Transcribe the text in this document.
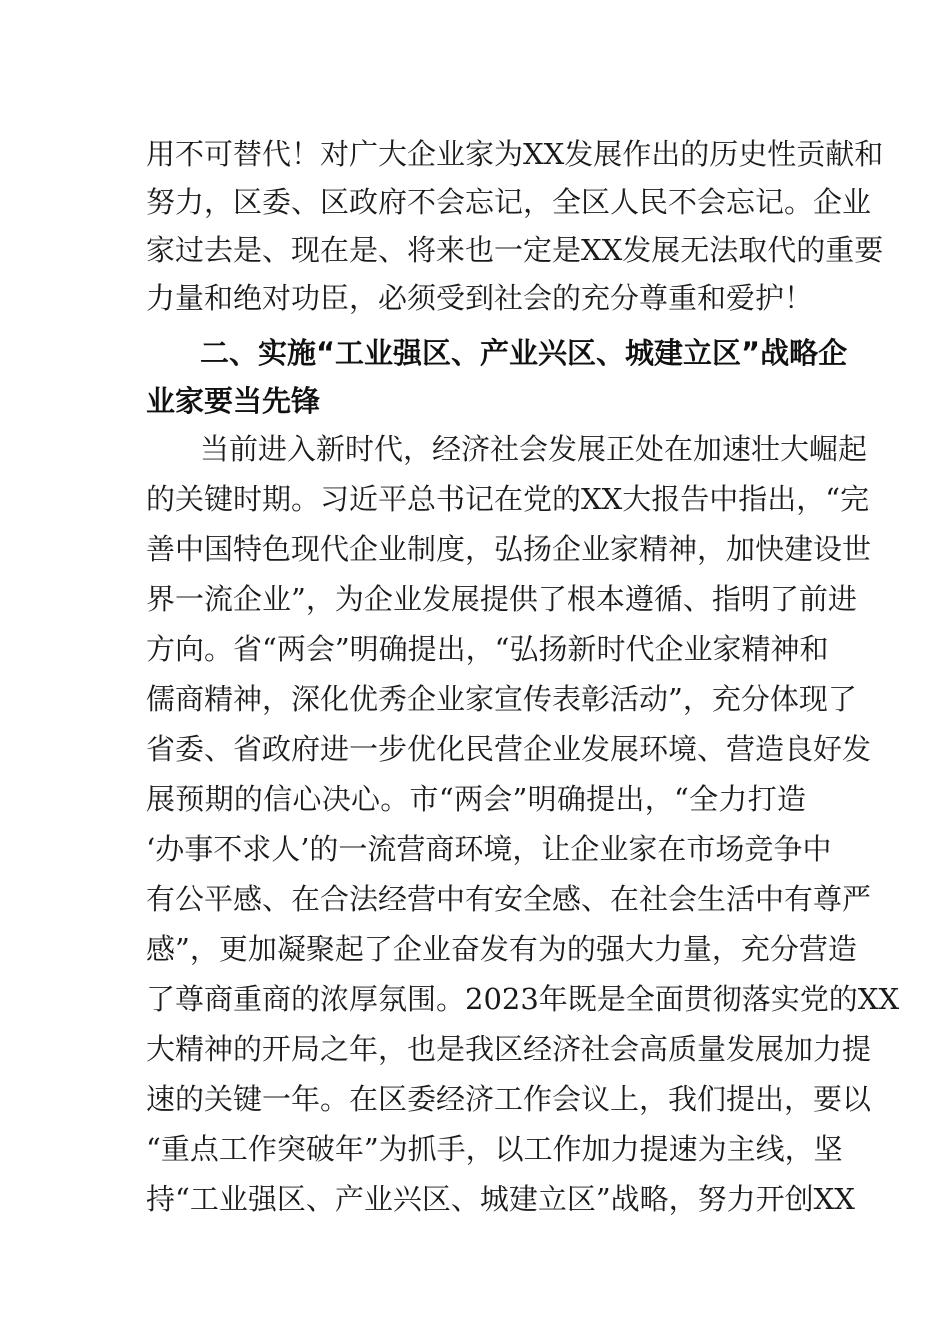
用不可替代！对广大企业家为XX发展作出的历史性贡献和
努力，区委、区政府不会忘记，全区人民不会忘记。企业
家过去是、现在是、将来也一定是XX发展无法取代的重要
力量和绝对功臣，必须受到社会的充分尊重和爱护！
二、实施“工业强区、产业兴区、城建立区”战略企
业家要当先锋
当前进入新时代，经济社会发展正处在加速壮大崛起
的关键时期。习近平总书记在党的XX大报告中指出，“完
善中国特色现代企业制度，弘扬企业家精神，加快建设世
界一流企业”，为企业发展提供了根本遵循、指明了前进
方向。省“两会”明确提出，“弘扬新时代企业家精神和
儒商精神，深化优秀企业家宣传表彰活动”，充分体现了
省委、省政府进一步优化民营企业发展环境、营造良好发
展预期的信心决心。市“两会”明确提出，“全力打造
‘办事不求人’的一流营商环境，让企业家在市场竞争中
有公平感、在合法经营中有安全感、在社会生活中有尊严
感”，更加凝聚起了企业奋发有为的强大力量，充分营造
了尊商重商的浓厚氛围。2023年既是全面贯彻落实党的XX
大精神的开局之年，也是我区经济社会高质量发展加力提
速的关键一年。在区委经济工作会议上，我们提出，要以
“重点工作突破年”为抓手，以工作加力提速为主线，坚
持“工业强区、产业兴区、城建立区”战略，努力开创XX
